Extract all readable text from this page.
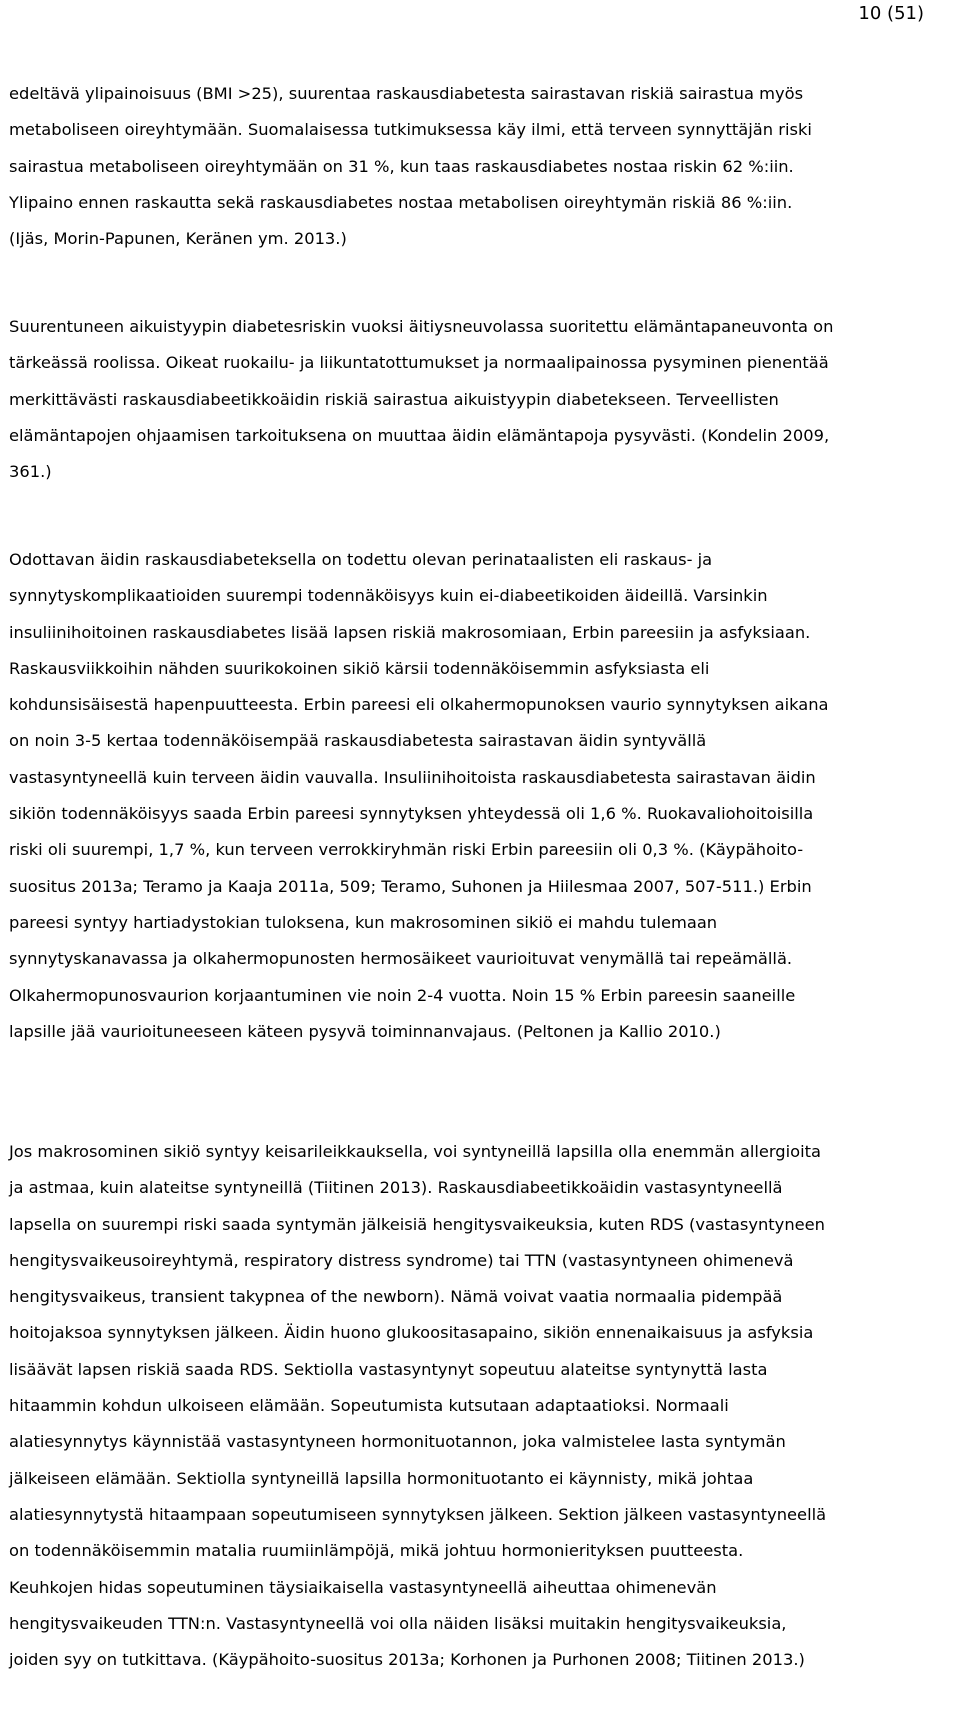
10 (51)
edeltävä ylipainoisuus (BMI >25), suurentaa raskausdiabetesta sairastavan riskiä sairastua myös
metaboliseen oireyhtymään. Suomalaisessa tutkimuksessa käy ilmi, että terveen synnyttäjän riski
sairastua metaboliseen oireyhtymään on 31 %, kun taas raskausdiabetes nostaa riskin 62 %:iin.
Ylipaino ennen raskautta sekä raskausdiabetes nostaa metabolisen oireyhtymän riskiä 86 %:iin.
(Ijäs, Morin-Papunen, Keränen ym. 2013.)
Suurentuneen aikuistyypin diabetesriskin vuoksi äitiysneuvolassa suoritettu elämäntapaneuvonta on
tärkeässä roolissa. Oikeat ruokailu- ja liikuntatottumukset ja normaalipainossa pysyminen pienentää
merkittävästi raskausdiabeetikkoäidin riskiä sairastua aikuistyypin diabetekseen. Terveellisten
elämäntapojen ohjaamisen tarkoituksena on muuttaa äidin elämäntapoja pysyvästi. (Kondelin 2009,
361.)
Odottavan äidin raskausdiabeteksella on todettu olevan perinataalisten eli raskaus- ja
synnytyskomplikaatioiden suurempi todennäköisyys kuin ei-diabeetikoiden äideillä. Varsinkin
insuliinihoitoinen raskausdiabetes lisää lapsen riskiä makrosomiaan, Erbin pareesiin ja asfyksiaan.
Raskausviikkoihin nähden suurikokoinen sikiö kärsii todennäköisemmin asfyksiasta eli
kohdunsisäisestä hapenpuutteesta. Erbin pareesi eli olkahermopunoksen vaurio synnytyksen aikana
on noin 3-5 kertaa todennäköisempää raskausdiabetesta sairastavan äidin syntyvällä
vastasyntyneellä kuin terveen äidin vauvalla. Insuliinihoitoista raskausdiabetesta sairastavan äidin
sikiön todennäköisyys saada Erbin pareesi synnytyksen yhteydessä oli 1,6 %. Ruokavaliohoitoisilla
riski oli suurempi, 1,7 %, kun terveen verrokkiryhmän riski Erbin pareesiin oli 0,3 %. (Käypähoito-
suositus 2013a; Teramo ja Kaaja 2011a, 509; Teramo, Suhonen ja Hiilesmaa 2007, 507-511.) Erbin
pareesi syntyy hartiadystokian tuloksena, kun makrosominen sikiö ei mahdu tulemaan
synnytyskanavassa ja olkahermopunosten hermosäikeet vaurioituvat venymällä tai repeämällä.
Olkahermopunosvaurion korjaantuminen vie noin 2-4 vuotta. Noin 15 % Erbin pareesin saaneille
lapsille jää vaurioituneeseen käteen pysyvä toiminnanvajaus. (Peltonen ja Kallio 2010.)
Jos makrosominen sikiö syntyy keisarileikkauksella, voi syntyneillä lapsilla olla enemmän allergioita
ja astmaa, kuin alateitse syntyneillä (Tiitinen 2013). Raskausdiabeetikkoäidin vastasyntyneellä
lapsella on suurempi riski saada syntymän jälkeisiä hengitysvaikeuksia, kuten RDS (vastasyntyneen
hengitysvaikeusoireyhtymä, respiratory distress syndrome) tai TTN (vastasyntyneen ohimenevä
hengitysvaikeus, transient takypnea of the newborn). Nämä voivat vaatia normaalia pidempää
hoitojaksoa synnytyksen jälkeen. Äidin huono glukoositasapaino, sikiön ennenaikaisuus ja asfyksia
lisäävät lapsen riskiä saada RDS. Sektiolla vastasyntynyt sopeutuu alateitse syntynyttä lasta
hitaammin kohdun ulkoiseen elämään. Sopeutumista kutsutaan adaptaatioksi. Normaali
alatiesynnytys käynnistää vastasyntyneen hormonituotannon, joka valmistelee lasta syntymän
jälkeiseen elämään. Sektiolla syntyneillä lapsilla hormonituotanto ei käynnisty, mikä johtaa
alatiesynnytystä hitaampaan sopeutumiseen synnytyksen jälkeen. Sektion jälkeen vastasyntyneellä
on todennäköisemmin matalia ruumiinlämpöjä, mikä johtuu hormonierityksen puutteesta.
Keuhkojen hidas sopeutuminen täysiaikaisella vastasyntyneellä aiheuttaa ohimenevän
hengitysvaikeuden TTN:n. Vastasyntyneellä voi olla näiden lisäksi muitakin hengitysvaikeuksia,
joiden syy on tutkittava. (Käypähoito-suositus 2013a; Korhonen ja Purhonen 2008; Tiitinen 2013.)
